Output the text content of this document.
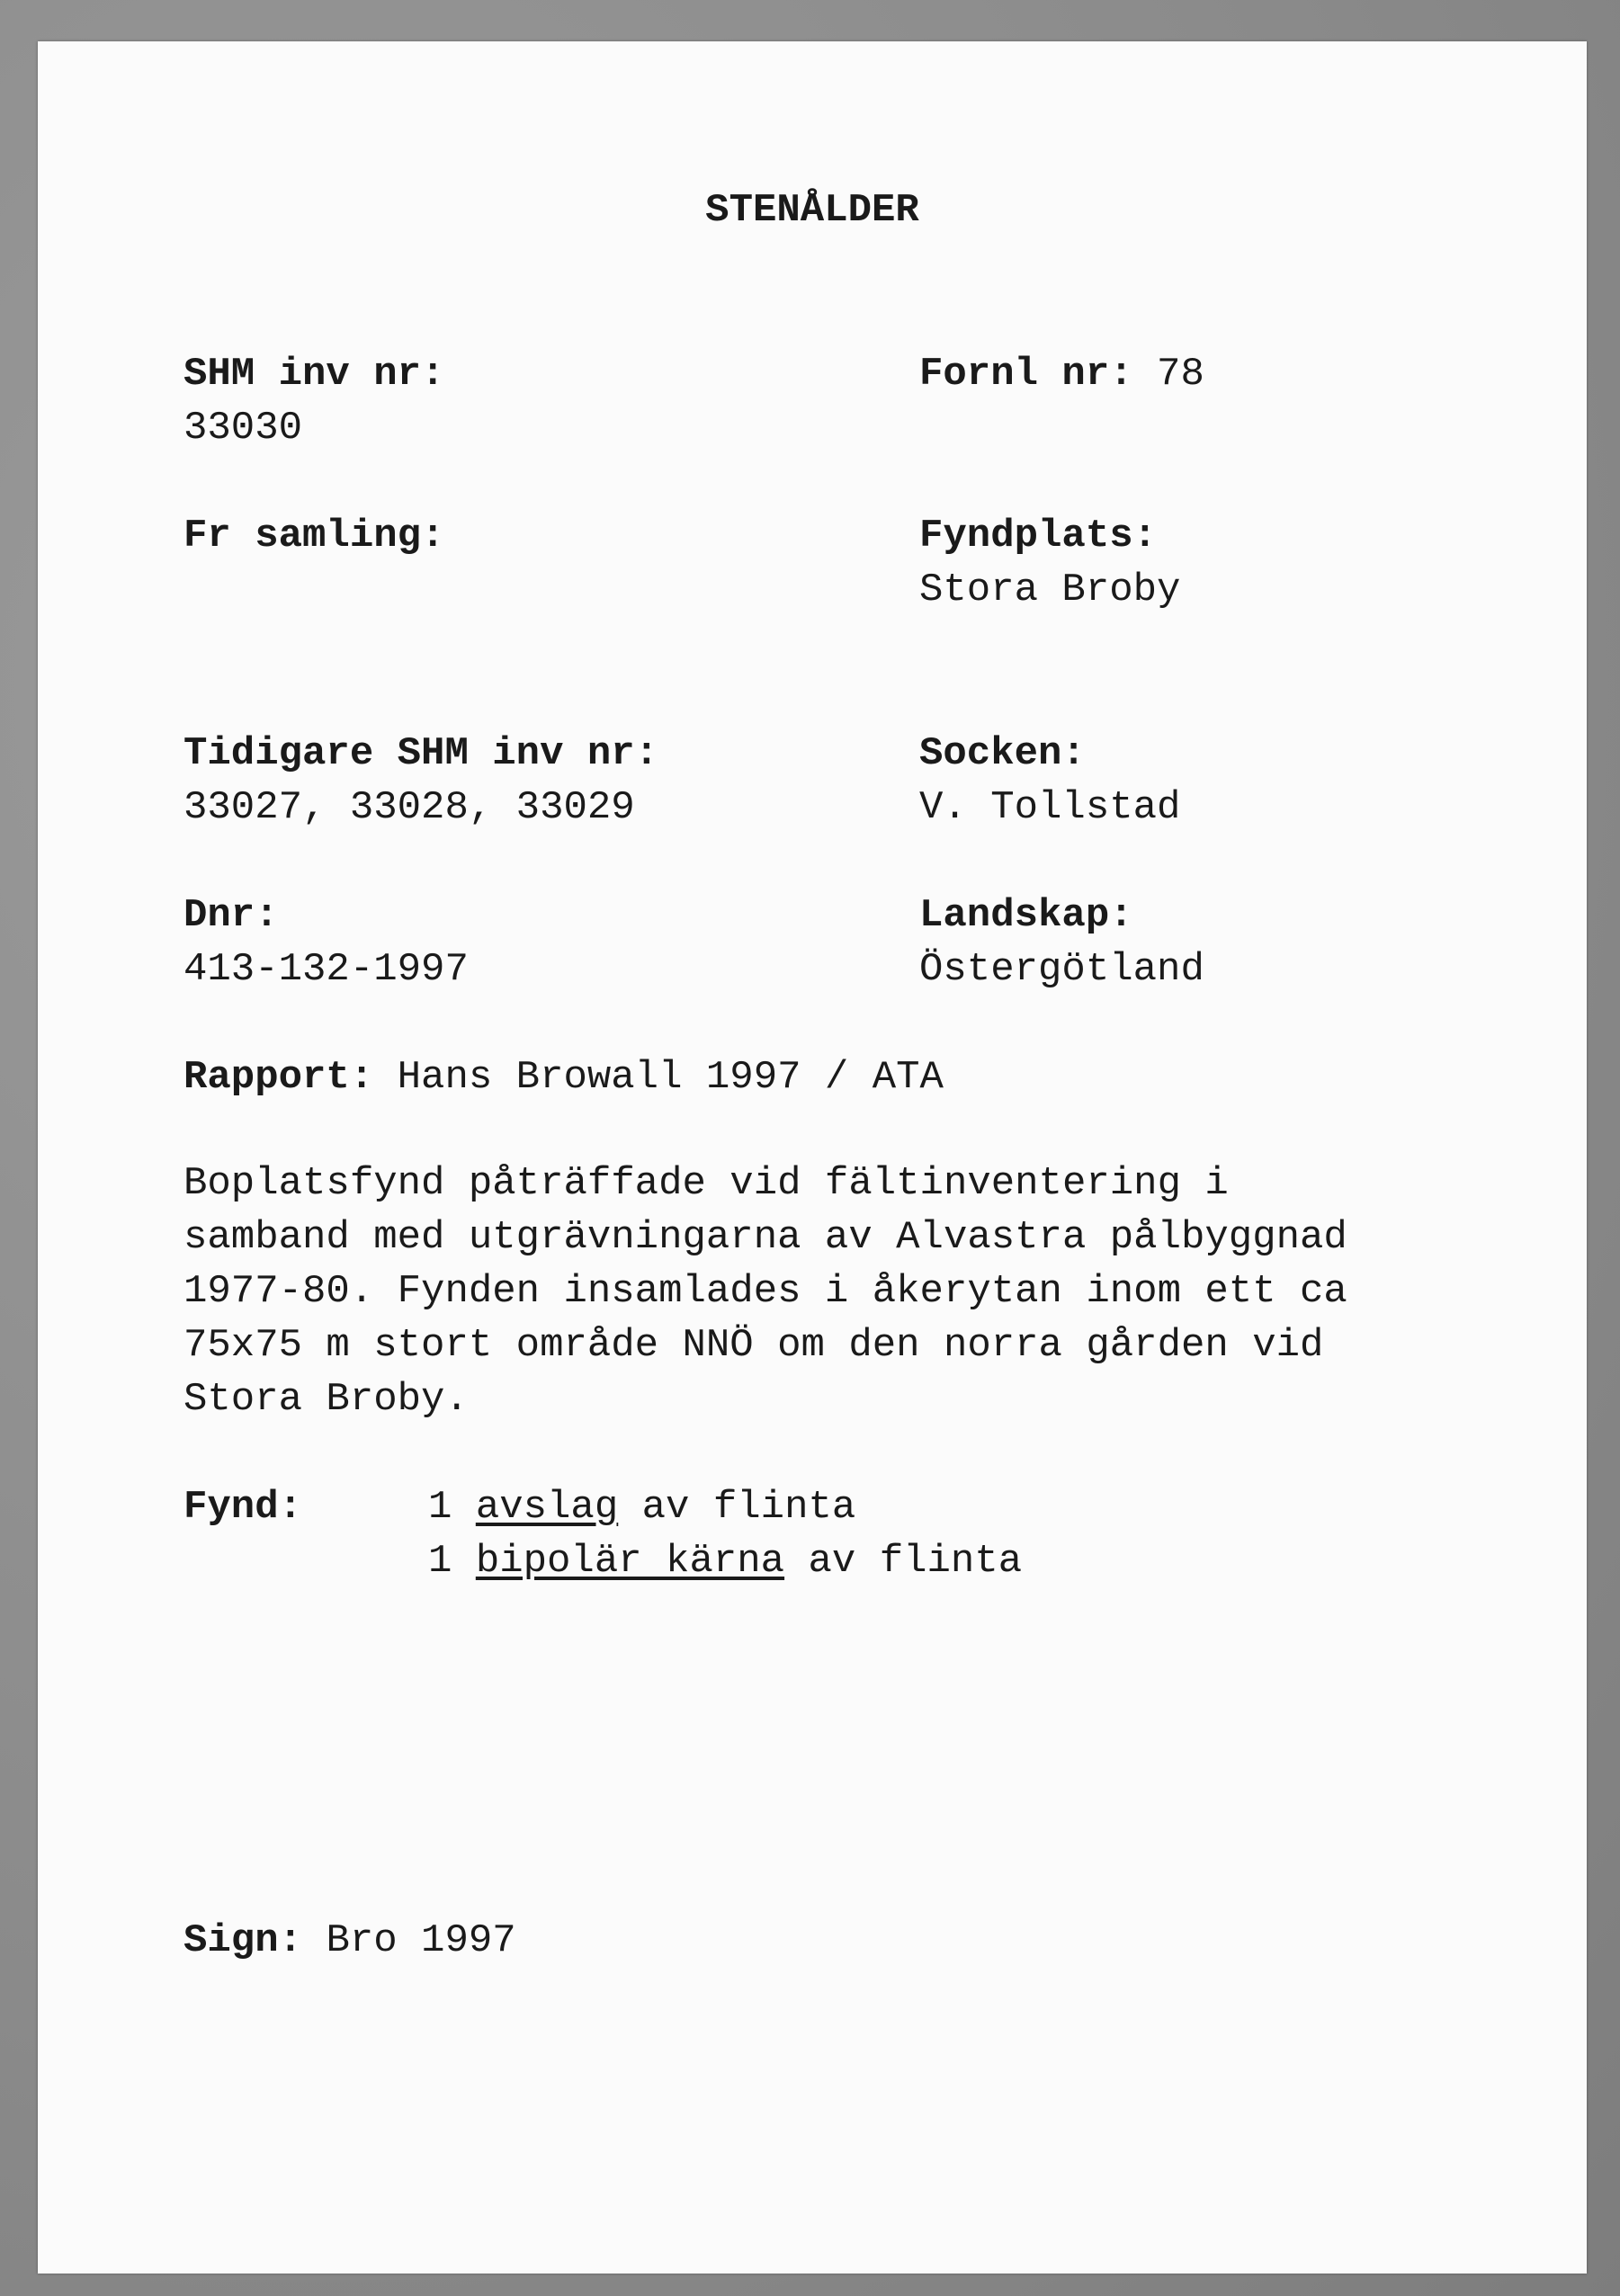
STENÅLDER
SHM inv nr:
33030
Fornl nr: 78
Fr samling:	Fyndplats:
Stora Broby
Tidigare SHM inv nr:
33027, 33028, 33029
Socken:
V. Tollstad
Dnr:
413-132-1997
Landskap:
Östergötland
Rapport: Hans Browall 1997 / ATA
Boplatsfynd påträffade vid fältinventering i
samband med utgrävningarna av Alvastra pålbyggnad
1977-80. Fynden insamlades i åkerytan inom ett ca
75x75 m stort område NNÖ om den norra gården vid
Stora Broby.
Fynd:	1 avslag av flinta
1 bipolär kärna av flinta
Sign: Bro 1997
